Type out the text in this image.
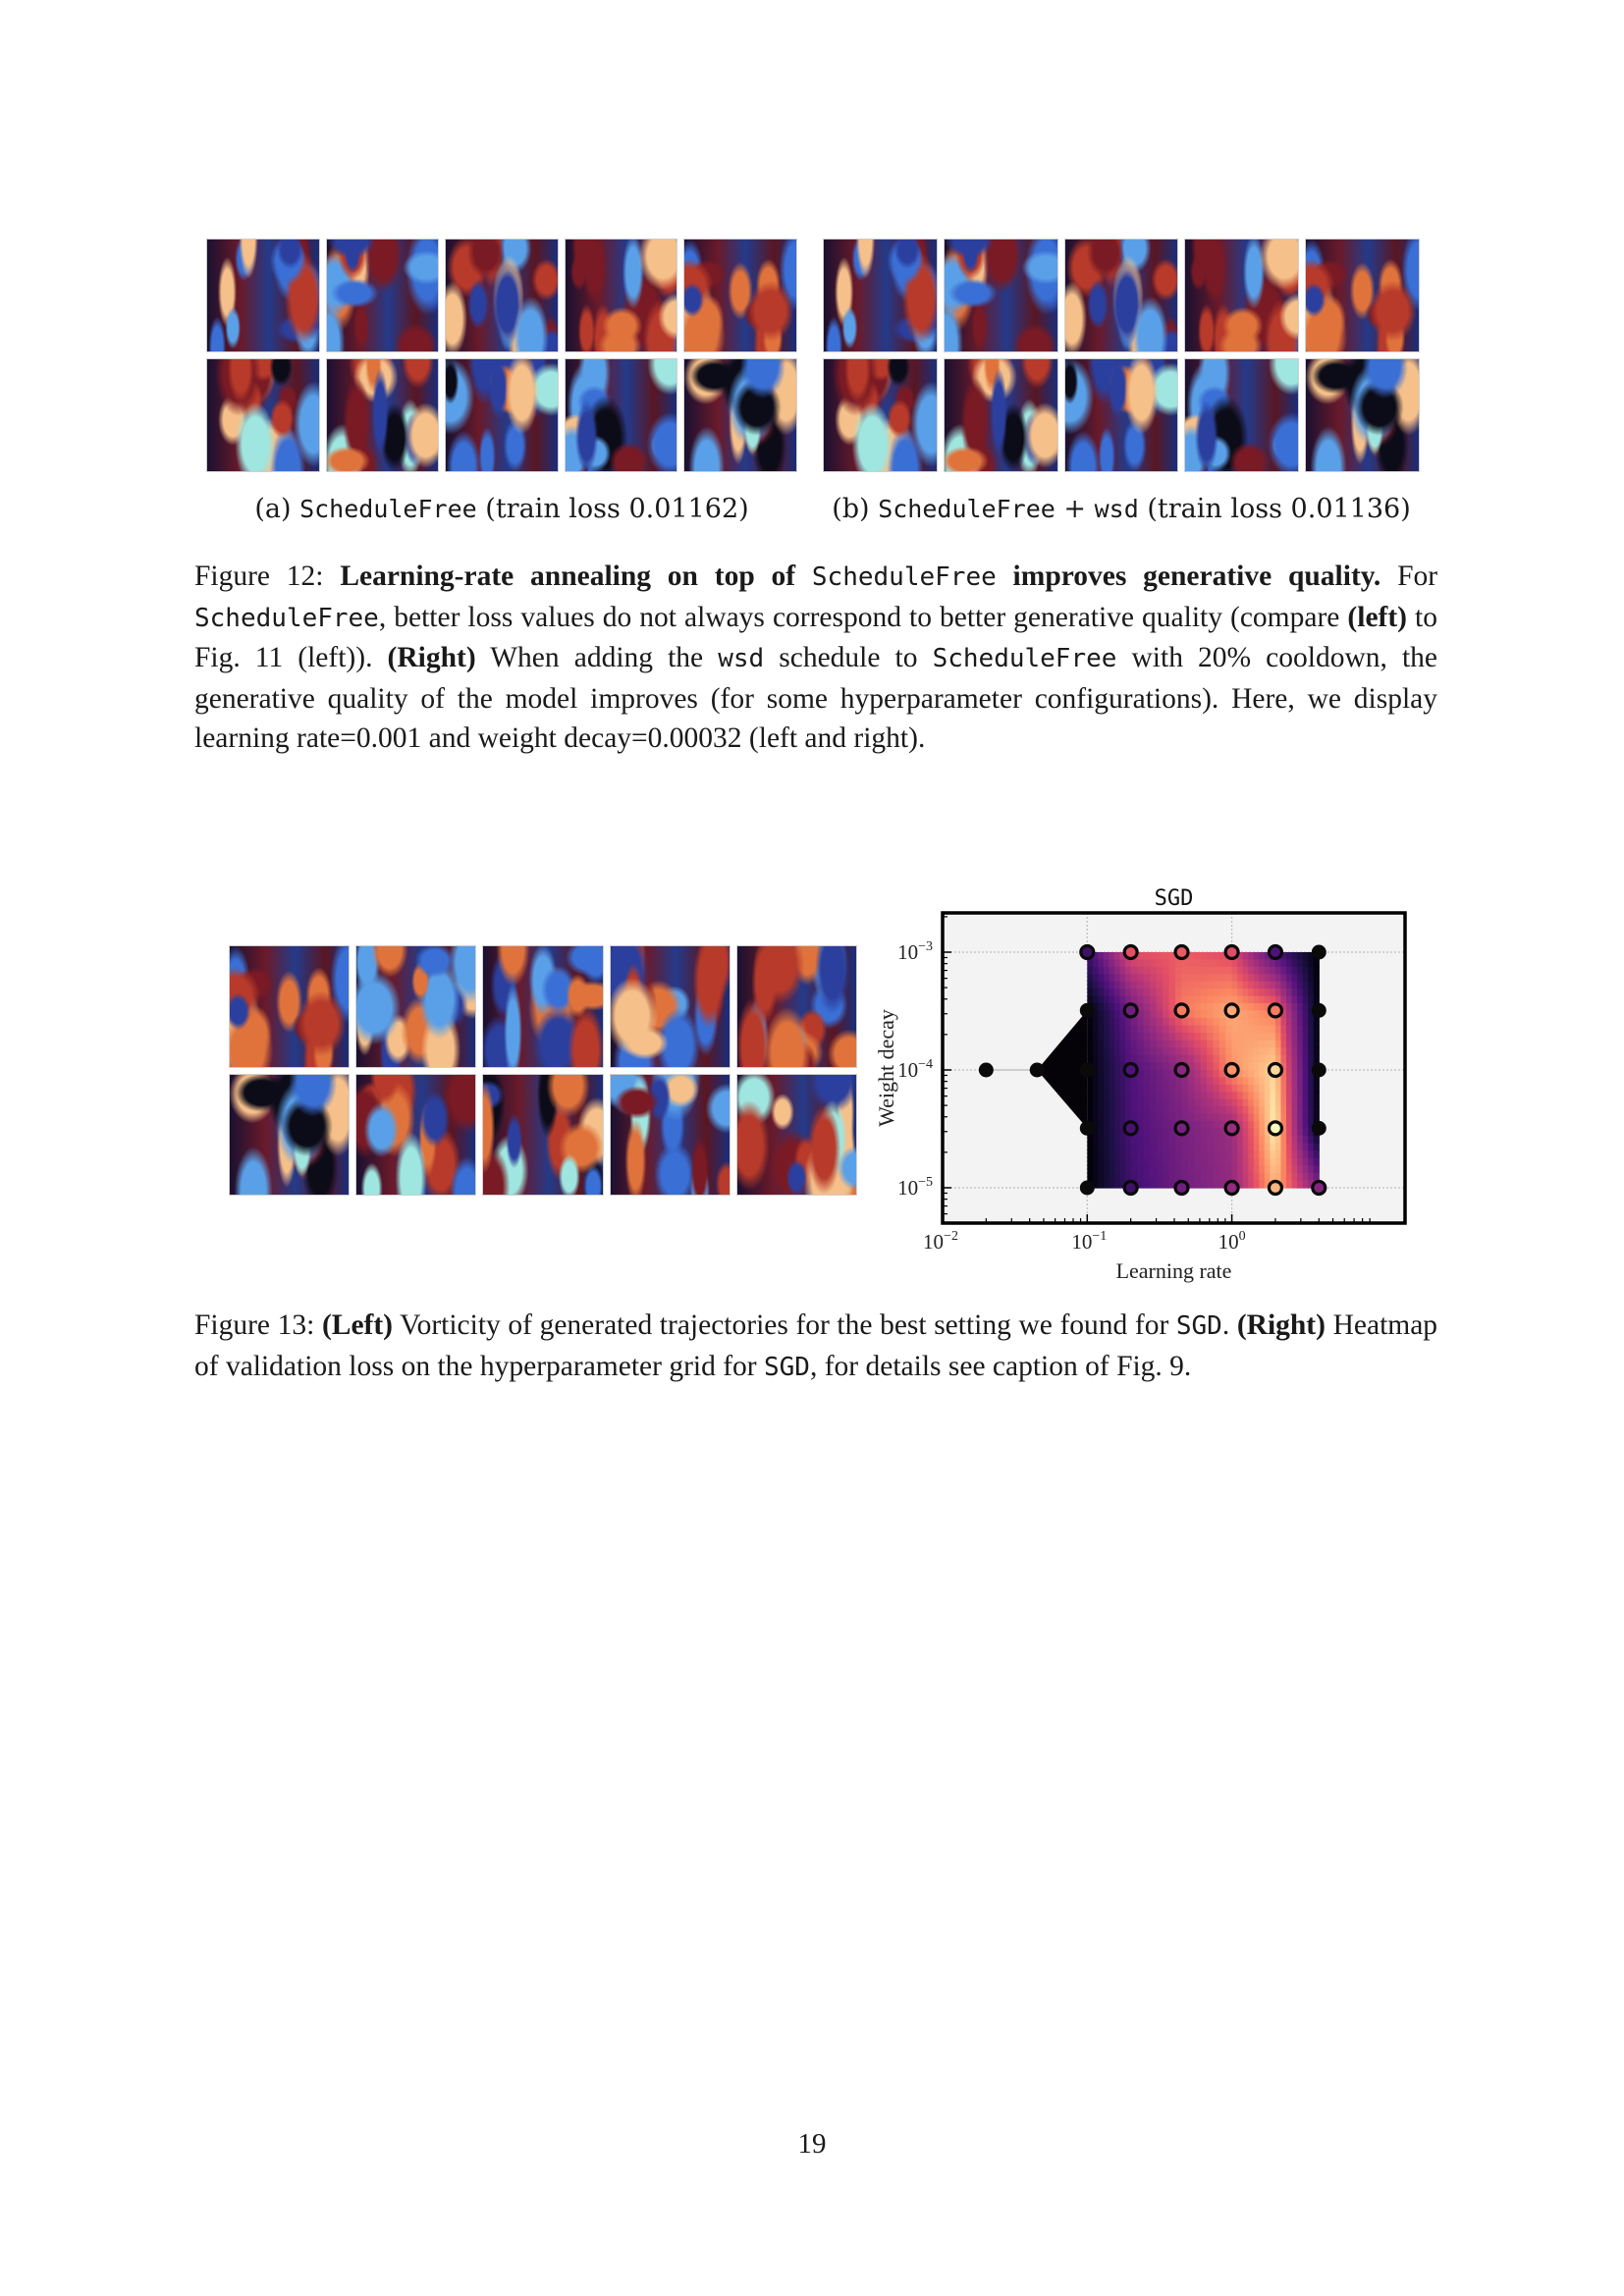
(a) ScheduleFree (train loss 0.01162)	(b) ScheduleFree + wsd (train loss 0.01136)
Figure 12: Learning-rate annealing on top of ScheduleFree improves generative quality. For ScheduleFree, better loss values do not always correspond to better generative quality (compare (left) to Fig. 11 (left)). (Right) When adding the wsd schedule to ScheduleFree with 20% cooldown, the generative quality of the model improves (for some hyperparameter configurations). Here, we display learning rate=0.001 and weight decay=0.00032 (left and right).
$10^{-2}$	$10^{-1}$	$10^0$
$10^{-3}$
$10^{-4}$
$10^{-5}$
SGD
Learning rate
Weight decay
Figure 13: (Left) Vorticity of generated trajectories for the best setting we found for SGD. (Right) Heatmap of validation loss on the hyperparameter grid for SGD, for details see caption of Fig. 9.
19
